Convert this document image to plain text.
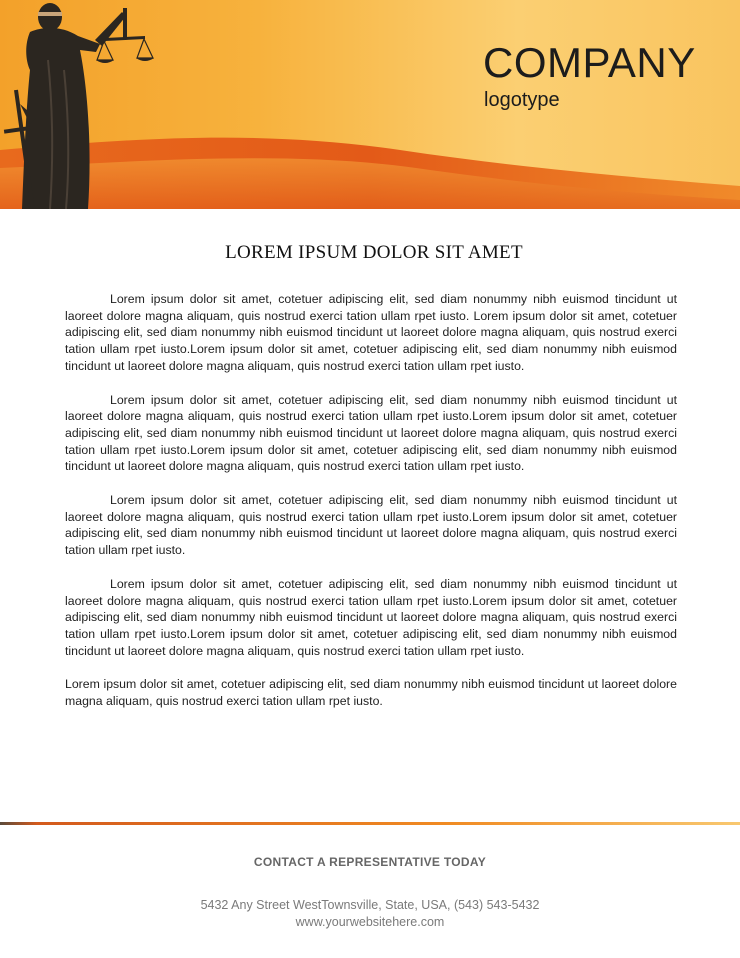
COMPANY
logotype
LOREM IPSUM DOLOR SIT AMET

Lorem ipsum dolor sit amet, cotetuer adipiscing elit, sed diam nonummy nibh euismod tincidunt ut laoreet dolore magna aliquam, quis nostrud exerci tation ullam rpet iusto. Lorem ipsum dolor sit amet, cotetuer adipiscing elit, sed diam nonummy nibh euismod tincidunt ut laoreet dolore magna aliquam, quis nostrud exerci tation ullam rpet iusto.Lorem ipsum dolor sit amet, cotetuer adipiscing elit, sed diam nonummy nibh euismod tincidunt ut laoreet dolore magna aliquam, quis nostrud exerci tation ullam rpet iusto.

Lorem ipsum dolor sit amet, cotetuer adipiscing elit, sed diam nonummy nibh euismod tincidunt ut laoreet dolore magna aliquam, quis nostrud exerci tation ullam rpet iusto.Lorem ipsum dolor sit amet, cotetuer adipiscing elit, sed diam nonummy nibh euismod tincidunt ut laoreet dolore magna aliquam, quis nostrud exerci tation ullam rpet iusto.Lorem ipsum dolor sit amet, cotetuer adipiscing elit, sed diam nonummy nibh euismod tincidunt ut laoreet dolore magna aliquam, quis nostrud exerci tation ullam rpet iusto.

Lorem ipsum dolor sit amet, cotetuer adipiscing elit, sed diam nonummy nibh euismod tincidunt ut laoreet dolore magna aliquam, quis nostrud exerci tation ullam rpet iusto.Lorem ipsum dolor sit amet, cotetuer adipiscing elit, sed diam nonummy nibh euismod tincidunt ut laoreet dolore magna aliquam, quis nostrud exerci tation ullam rpet iusto.

Lorem ipsum dolor sit amet, cotetuer adipiscing elit, sed diam nonummy nibh euismod tincidunt ut laoreet dolore magna aliquam, quis nostrud exerci tation ullam rpet iusto.Lorem ipsum dolor sit amet, cotetuer adipiscing elit, sed diam nonummy nibh euismod tincidunt ut laoreet dolore magna aliquam, quis nostrud exerci tation ullam rpet iusto.Lorem ipsum dolor sit amet, cotetuer adipiscing elit, sed diam nonummy nibh euismod tincidunt ut laoreet dolore magna aliquam, quis nostrud exerci tation ullam rpet iusto.

Lorem ipsum dolor sit amet, cotetuer adipiscing elit, sed diam nonummy nibh euismod tincidunt ut laoreet dolore magna aliquam, quis nostrud exerci tation ullam rpet iusto.

CONTACT A REPRESENTATIVE TODAY
5432 Any Street WestTownsville, State, USA, (543) 543-5432
www.yourwebsitehere.com
